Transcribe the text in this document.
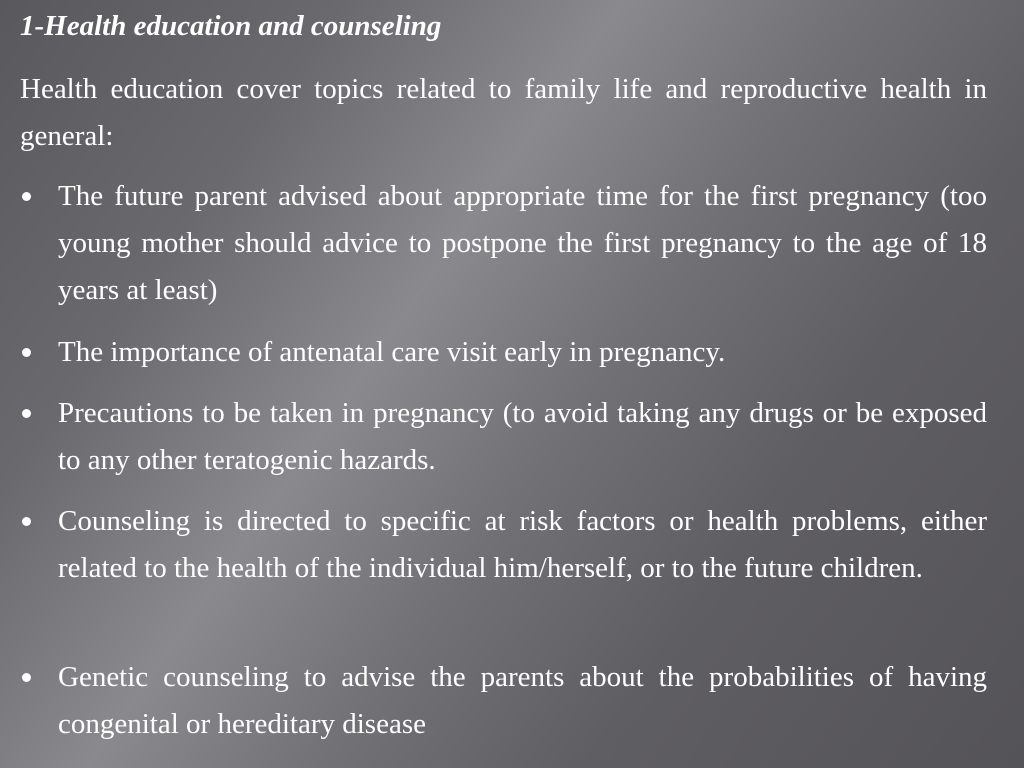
1-Health education and counseling

Health education cover topics related to family life and reproductive health in general:

The future parent advised about appropriate time for the first pregnancy (too young mother should advice to postpone the first pregnancy to the age of 18 years at least)
The importance of antenatal care visit early in pregnancy.
Precautions to be taken in pregnancy (to avoid taking any drugs or be exposed to any other teratogenic hazards.
Counseling is directed to specific at risk factors or health problems, either related to the health of the individual him/herself, or to the future children.
Genetic counseling to advise the parents about the probabilities of having congenital or hereditary disease
